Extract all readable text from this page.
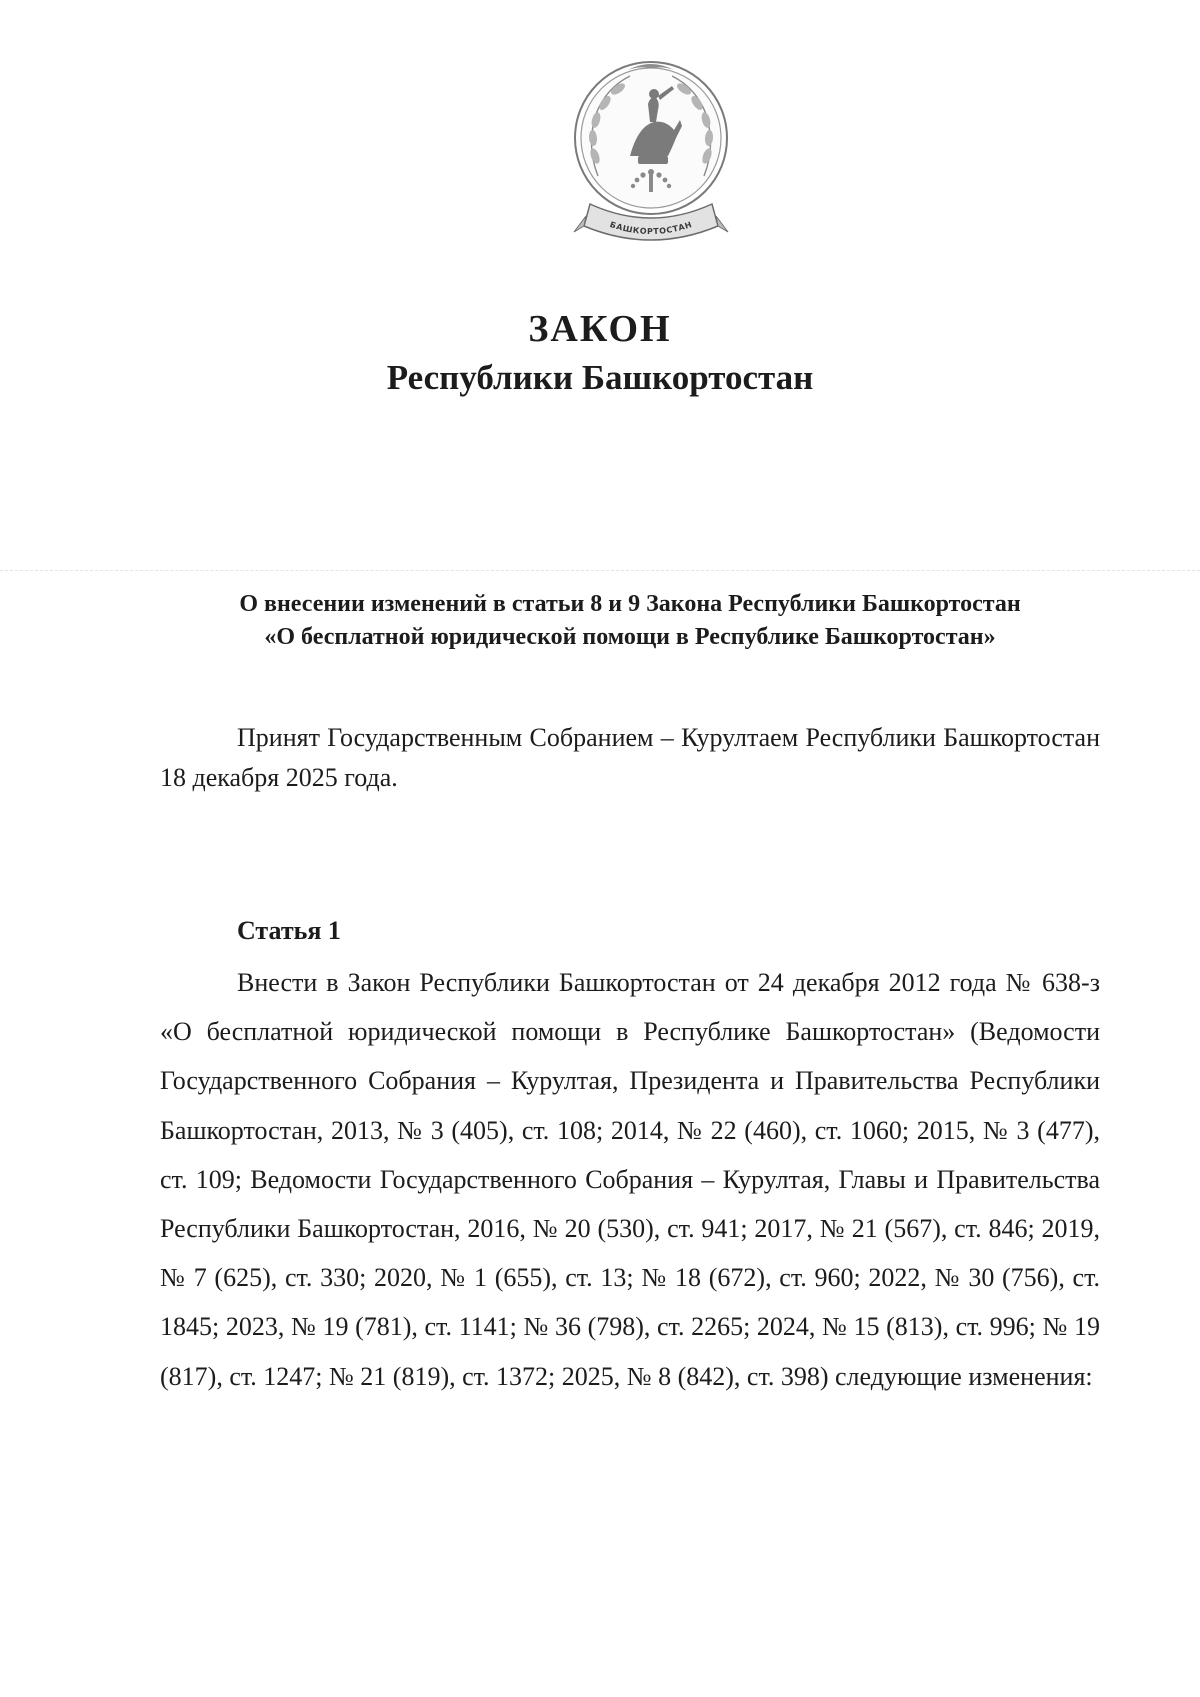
БАШКОРТОСТАН
ЗАКОН
Республики Башкортостан
О внесении изменений в статьи 8 и 9 Закона Республики Башкортостан
«О бесплатной юридической помощи в Республике Башкортостан»
Принят Государственным Собранием – Курултаем Республики Башкортостан 18 декабря 2025 года.
Статья 1
Внести в Закон Республики Башкортостан от 24 декабря 2012 года № 638-з «О бесплатной юридической помощи в Республике Башкортостан» (Ведомости Государственного Собрания – Курултая, Президента и Правительства Республики Башкортостан, 2013, № 3 (405), ст. 108; 2014, № 22 (460), ст. 1060; 2015, № 3 (477), ст. 109; Ведомости Государственного Собрания – Курултая, Главы и Правительства Республики Башкортостан, 2016, № 20 (530), ст. 941; 2017, № 21 (567), ст. 846; 2019, № 7 (625), ст. 330; 2020, № 1 (655), ст. 13; № 18 (672), ст. 960; 2022, № 30 (756), ст. 1845; 2023, № 19 (781), ст. 1141; № 36 (798), ст. 2265; 2024, № 15 (813), ст. 996; № 19 (817), ст. 1247; № 21 (819), ст. 1372; 2025, № 8 (842), ст. 398) следующие изменения:
